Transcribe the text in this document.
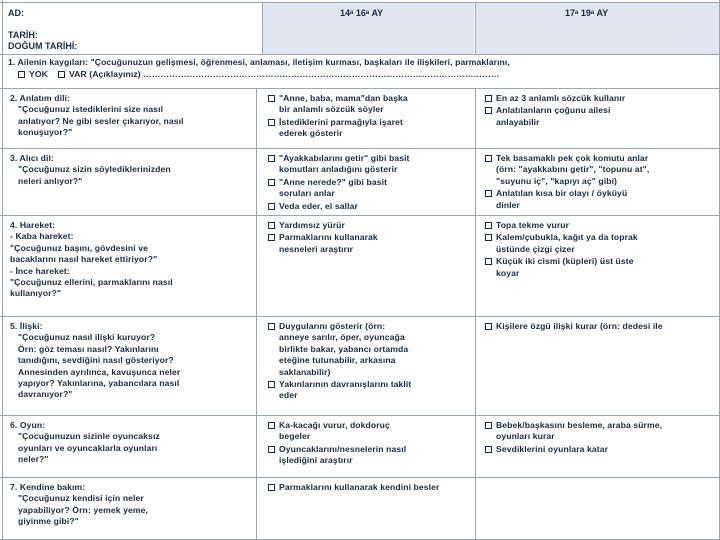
AD:
TARİH:
DOĞUM TARİHİ:
14ᵃ 16ᵃ AY	17ᵃ 19ᵃ AY
1. Ailenin kaygıları: "Çocuğunuzun gelişmesi, öğrenmesi, anlaması, iletişim kurması, başkaları ile ilişkileri, parmaklarını,
YOK VAR (Açıklayınız) ……………………………………………………………………………………………………………
2. Anlatım dili:
"Çocuğunuz istediklerini size nasıl
anlatıyor? Ne gibi sesler çıkarıyor, nasıl
konuşuyor?"
"Anne, baba, mama"dan başka
bir anlamlı sözcük söyler
İstediklerini parmağıyla işaret
ederek gösterir
En az 3 anlamlı sözcük kullanır
Anlatılanların çoğunu ailesi
anlayabilir
3. Alıcı dil:
"Çocuğunuz sizin söylediklerinizden
neleri anlıyor?"
"Ayakkabılarını getir" gibi basit
komutları anladığını gösterir
"Anne nerede?" gibi basit
soruları anlar
Veda eder, el sallar
Tek basamaklı pek çok komutu anlar
(örn: "ayakkabını getir", "topunu at",
"suyunu iç", "kapıyı aç" gibi)
Anlatılan kısa bir olayı / öyküyü
dinler
4. Hareket:
- Kaba hareket:
"Çocuğunuz başını, gövdesini ve
bacaklarını nasıl hareket ettiriyor?"
- İnce hareket:
"Çocuğunuz ellerini, parmaklarını nasıl
kullanıyor?"
Yardımsız yürür
Parmaklarını kullanarak
nesneleri araştırır
Topa tekme vurur
Kalem/çubukla, kağıt ya da toprak
üstünde çizgi çizer
Küçük iki cismi (küpleri) üst üste
koyar
5. İlişki:
"Çocuğunuz nasıl ilişki kuruyor?
Örn: göz teması nasıl? Yakınlarını
tanıdığını, sevdiğini nasıl gösteriyor?
Annesinden ayrılınca, kavuşunca neler
yapıyor? Yakınlarına, yabancılara nasıl
davranıyor?"
Duygularını gösterir (örn:
anneye sarılır, öper, oyuncağa
birlikte bakar, yabancı ortamda
eteğine tutunabilir, arkasına
saklanabilir)
Yakınlarının davranışlarını taklit
eder
Kişilere özgü ilişki kurar (örn: dedesi ile
6. Oyun:
"Çocuğunuzun sizinle oyuncaksız
oyunları ve oyuncaklarla oyunları
neler?"
Ka-kacağı vurur, dokdoruç
begeler
Oyuncaklarını/nesnelerin nasıl
işlediğini araştırır
Bebek/başkasını besleme, araba sürme,
oyunları kurar
Sevdiklerini oyunlara katar
7. Kendine bakım:
"Çocuğunuz kendisi için neler
yapabiliyor? Örn: yemek yeme,
giyinme gibi?"
Parmaklarını kullanarak kendini besler
